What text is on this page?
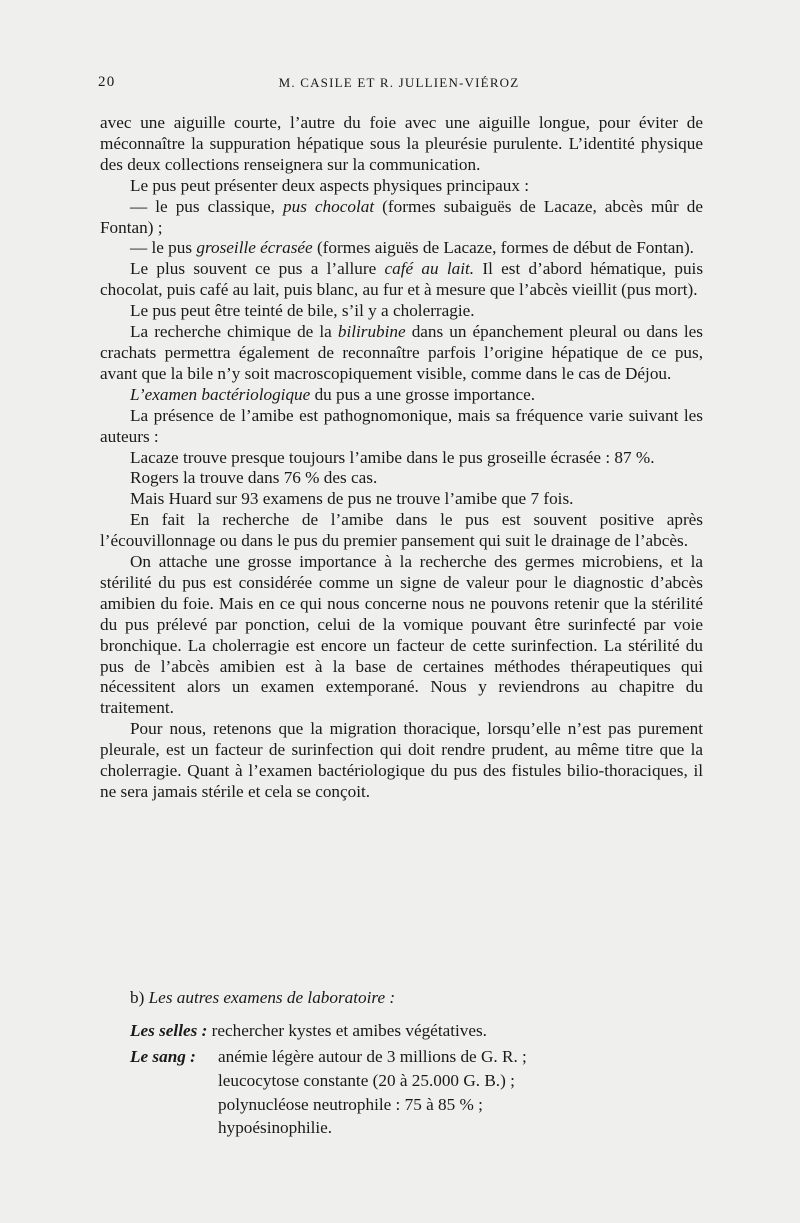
20	M. CASILE ET R. JULLIEN-VIÉROZ

avec une aiguille courte, l’autre du foie avec une aiguille longue, pour éviter de méconnaître la suppuration hépatique sous la pleurésie purulente. L’identité physique des deux collections renseignera sur la communication.

Le pus peut présenter deux aspects physiques principaux :

— le pus classique, pus chocolat (formes subaiguës de Lacaze, abcès mûr de Fontan) ;

— le pus groseille écrasée (formes aiguës de Lacaze, formes de début de Fontan).

Le plus souvent ce pus a l’allure café au lait. Il est d’abord hématique, puis chocolat, puis café au lait, puis blanc, au fur et à mesure que l’abcès vieillit (pus mort).

Le pus peut être teinté de bile, s’il y a cholerragie.

La recherche chimique de la bilirubine dans un épanchement pleural ou dans les crachats permettra également de reconnaître parfois l’origine hépatique de ce pus, avant que la bile n’y soit macroscopiquement visible, comme dans le cas de Déjou.

L’examen bactériologique du pus a une grosse importance.

La présence de l’amibe est pathognomonique, mais sa fréquence varie suivant les auteurs :

Lacaze trouve presque toujours l’amibe dans le pus groseille écrasée : 87 %.

Rogers la trouve dans 76 % des cas.

Mais Huard sur 93 examens de pus ne trouve l’amibe que 7 fois.

En fait la recherche de l’amibe dans le pus est souvent positive après l’écouvillonnage ou dans le pus du premier pansement qui suit le drainage de l’abcès.

On attache une grosse importance à la recherche des germes microbiens, et la stérilité du pus est considérée comme un signe de valeur pour le diagnostic d’abcès amibien du foie. Mais en ce qui nous concerne nous ne pouvons retenir que la stérilité du pus prélevé par ponction, celui de la vomique pouvant être surinfecté par voie bronchique. La cholerragie est encore un facteur de cette surinfection. La stérilité du pus de l’abcès amibien est à la base de certaines méthodes thérapeutiques qui nécessitent alors un examen extemporané. Nous y reviendrons au chapitre du traitement.

Pour nous, retenons que la migration thoracique, lorsqu’elle n’est pas purement pleurale, est un facteur de surinfection qui doit rendre prudent, au même titre que la cholerragie. Quant à l’examen bactériologique du pus des fistules bilio-thoraciques, il ne sera jamais stérile et cela se conçoit.

b) Les autres examens de laboratoire :
Les selles : rechercher kystes et amibes végétatives.
Le sang : anémie légère autour de 3 millions de G. R. ;
leucocytose constante (20 à 25.000 G. B.) ;
polynucléose neutrophile : 75 à 85 % ;
hypoésinophilie.
